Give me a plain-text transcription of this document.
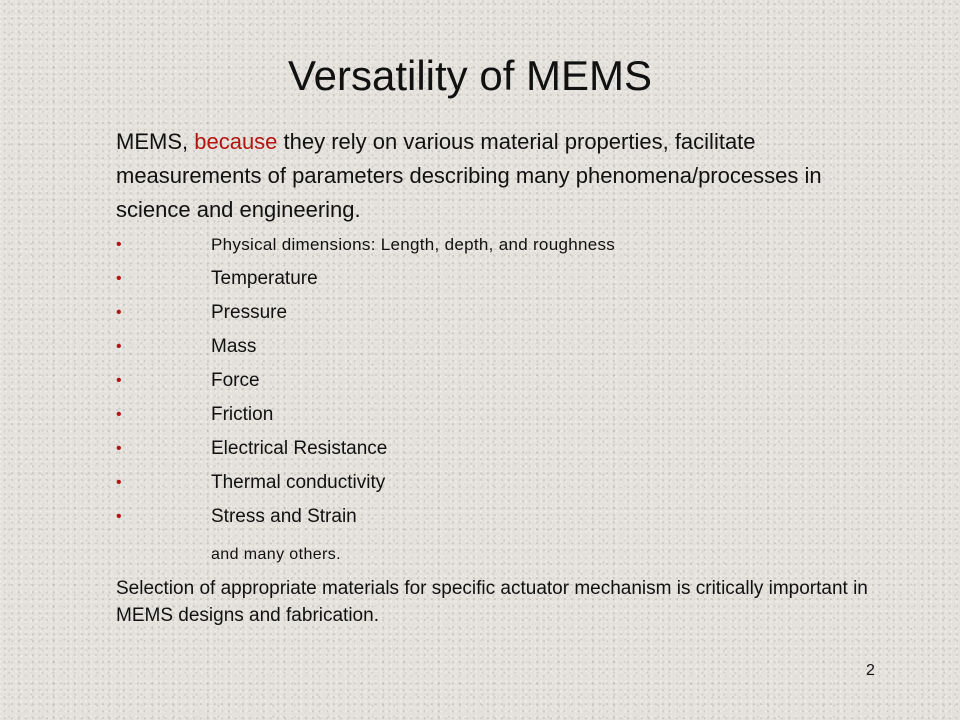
Versatility of MEMS

MEMS, because they rely on various material properties, facilitate measurements of parameters describing many phenomena/processes in science and engineering.

•	Physical dimensions: Length, depth, and roughness
•	Temperature
•	Pressure
•	Mass
•	Force
•	Friction
•	Electrical Resistance
•	Thermal conductivity
•	Stress and Strain
and many others.

Selection of appropriate materials for specific actuator mechanism is critically important in MEMS designs and fabrication.

2
